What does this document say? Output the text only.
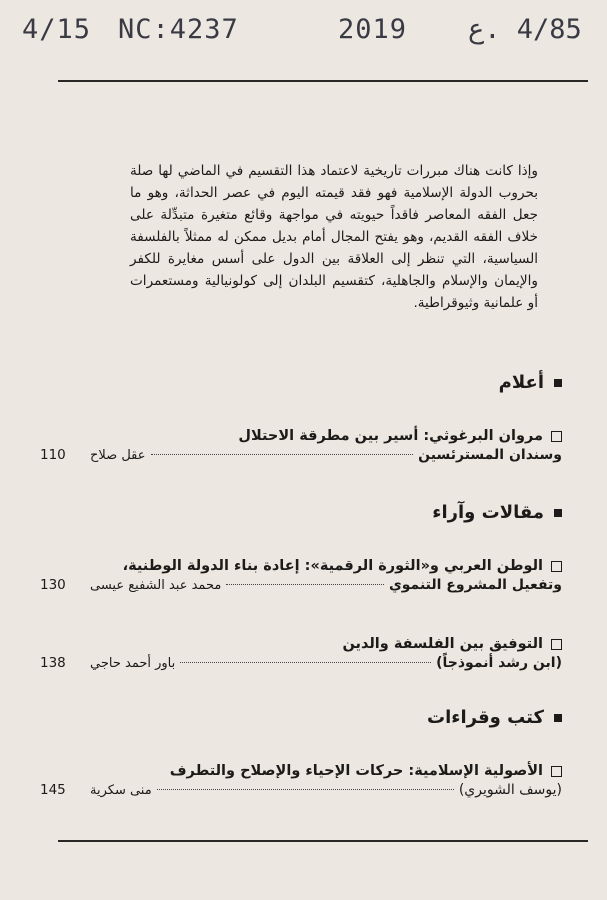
4/15 NC:4237	2019 4/85 .ع
وإذا كانت هناك مبررات تاريخية لاعتماد هذا التقسيم في الماضي لها صلة بحروب الدولة الإسلامية فهو فقد قيمته اليوم في عصر الحداثة، وهو ما جعل الفقه المعاصر فاقداً حيويته في مواجهة وقائع متغيرة متبدِّلة على خلاف الفقه القديم، وهو يفتح المجال أمام بديل ممكن له ممثلاً بالفلسفة السياسية، التي تنظر إلى العلاقة بين الدول على أسس مغايرة للكفر والإيمان والإسلام والجاهلية، كتقسيم البلدان إلى كولونيالية ومستعمرات أو علمانية وثيوقراطية.
أعلام
مروان البرغوثي: أسير بين مطرقة الاحتلال
وسندان المسترئسين
عقل صلاح
110
مقالات وآراء
الوطن العربي و«الثورة الرقمية»: إعادة بناء الدولة الوطنية،
وتفعيل المشروع التنموي
محمد عبد الشفيع عيسى
130
التوفيق بين الفلسفة والدين
(ابن رشد أنموذجاً)
باور أحمد حاجي
138
كتب وقراءات
الأصولية الإسلامية: حركات الإحياء والإصلاح والتطرف
(يوسف الشويري)
منى سكرية
145
